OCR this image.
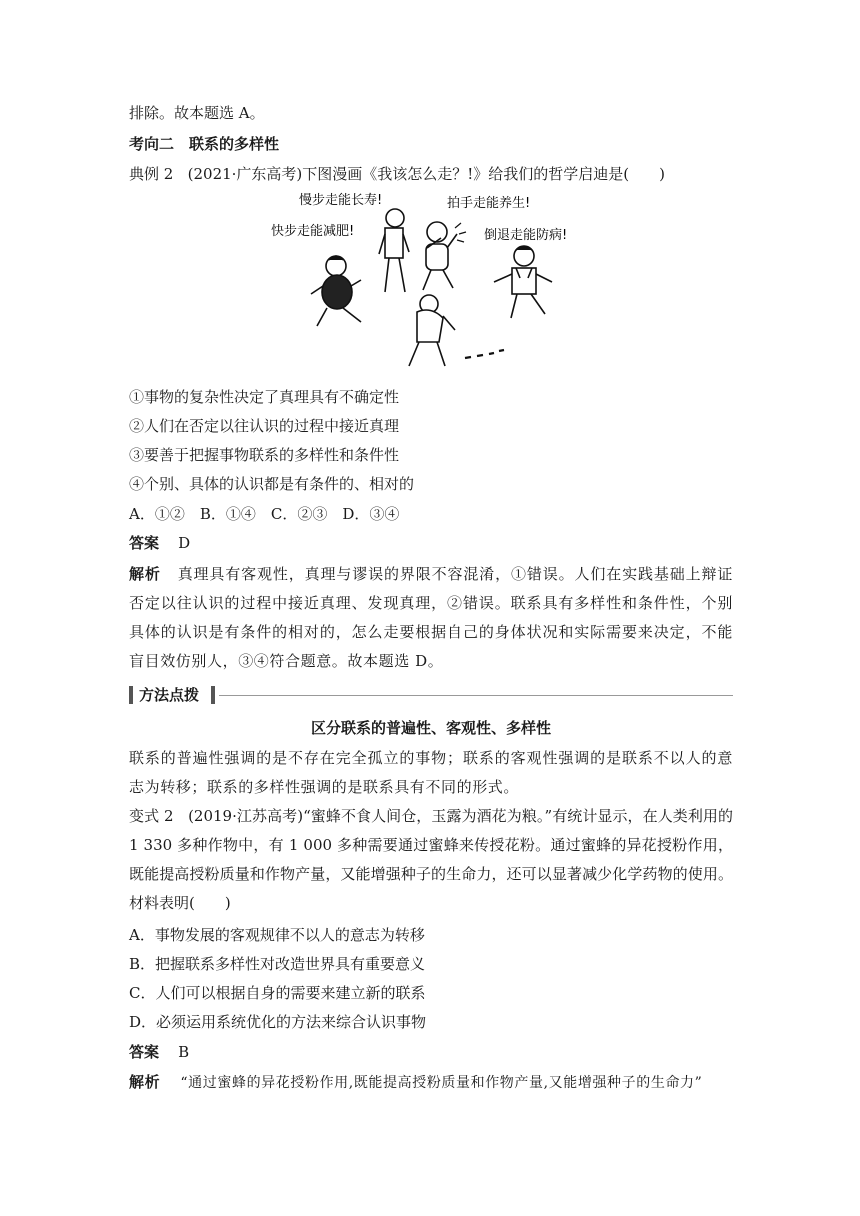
排除。故本题选 A。
考向二　联系的多样性
典例 2 (2021·广东高考)下图漫画《我该怎么走？!》给我们的哲学启迪是(　　)
慢步走能长寿!	拍手走能养生!
快步走能减肥!	倒退走能防病!
①事物的复杂性决定了真理具有不确定性
②人们在否定以往认识的过程中接近真理
③要善于把握事物联系的多样性和条件性
④个别、具体的认识都是有条件的、相对的
A．①②　B．①④　C．②③　D．③④
答案 D
解析 真理具有客观性，真理与谬误的界限不容混淆，①错误。人们在实践基础上辩证否定以往认识的过程中接近真理、发现真理，②错误。联系具有多样性和条件性，个别具体的认识是有条件的相对的，怎么走要根据自己的身体状况和实际需要来决定，不能盲目效仿别人，③④符合题意。故本题选 D。
方法点拨
区分联系的普遍性、客观性、多样性
联系的普遍性强调的是不存在完全孤立的事物；联系的客观性强调的是联系不以人的意志为转移；联系的多样性强调的是联系具有不同的形式。
变式 2 (2019·江苏高考)“蜜蜂不食人间仓，玉露为酒花为粮。”有统计显示，在人类利用的 1 330 多种作物中，有 1 000 多种需要通过蜜蜂来传授花粉。通过蜜蜂的异花授粉作用，既能提高授粉质量和作物产量，又能增强种子的生命力，还可以显著减少化学药物的使用。材料表明(　　)
A．事物发展的客观规律不以人的意志为转移
B．把握联系多样性对改造世界具有重要意义
C．人们可以根据自身的需要来建立新的联系
D．必须运用系统优化的方法来综合认识事物
答案 B
解析 “通过蜜蜂的异花授粉作用,既能提高授粉质量和作物产量,又能增强种子的生命力”
